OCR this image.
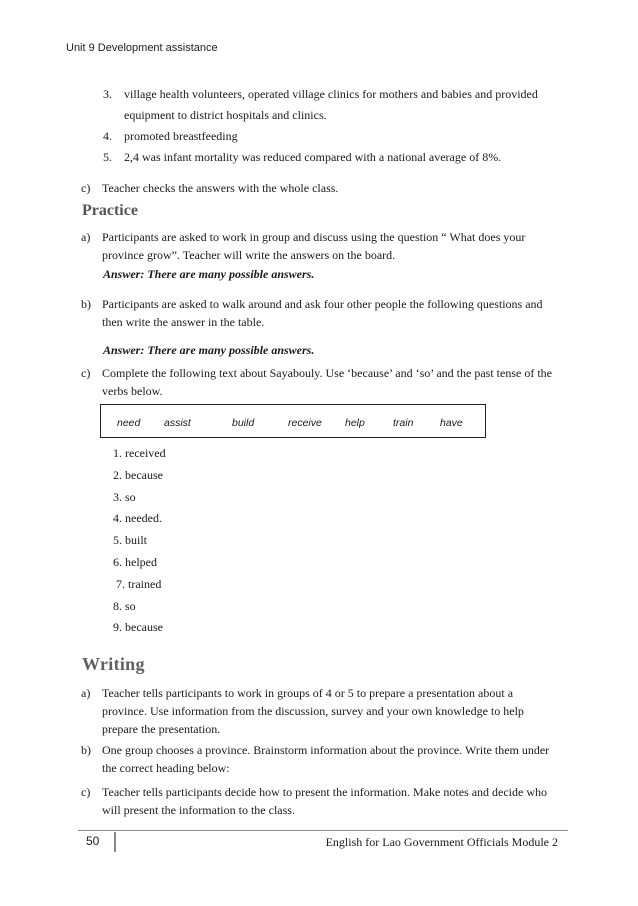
Unit 9 Development assistance
3. village health volunteers, operated village clinics for mothers and babies and provided
equipment to district hospitals and clinics.
4. promoted breastfeeding
5. 2,4 was infant mortality was reduced compared with a national average of 8%.
c) Teacher checks the answers with the whole class.
Practice
a) Participants are asked to work in group and discuss using the question “ What does your province grow”. Teacher will write the answers on the board.
Answer: There are many possible answers.
b) Participants are asked to walk around and ask four other people the following questions and then write the answer in the table.
Answer: There are many possible answers.
c) Complete the following text about Sayabouly. Use ‘because’ and ‘so’ and the past tense of the verbs below.
need assist	build	receive help	train	have
1. received
2. because
3. so
4. needed.
5. built
6. helped
7. trained
8. so
9. because
Writing
a) Teacher tells participants to work in groups of 4 or 5 to prepare a presentation about a province. Use information from the discussion, survey and your own knowledge to help prepare the presentation.
b) One group chooses a province. Brainstorm information about the province. Write them under the correct heading below:
c) Teacher tells participants decide how to present the information. Make notes and decide who will present the information to the class.
50	English for Lao Government Officials Module 2
